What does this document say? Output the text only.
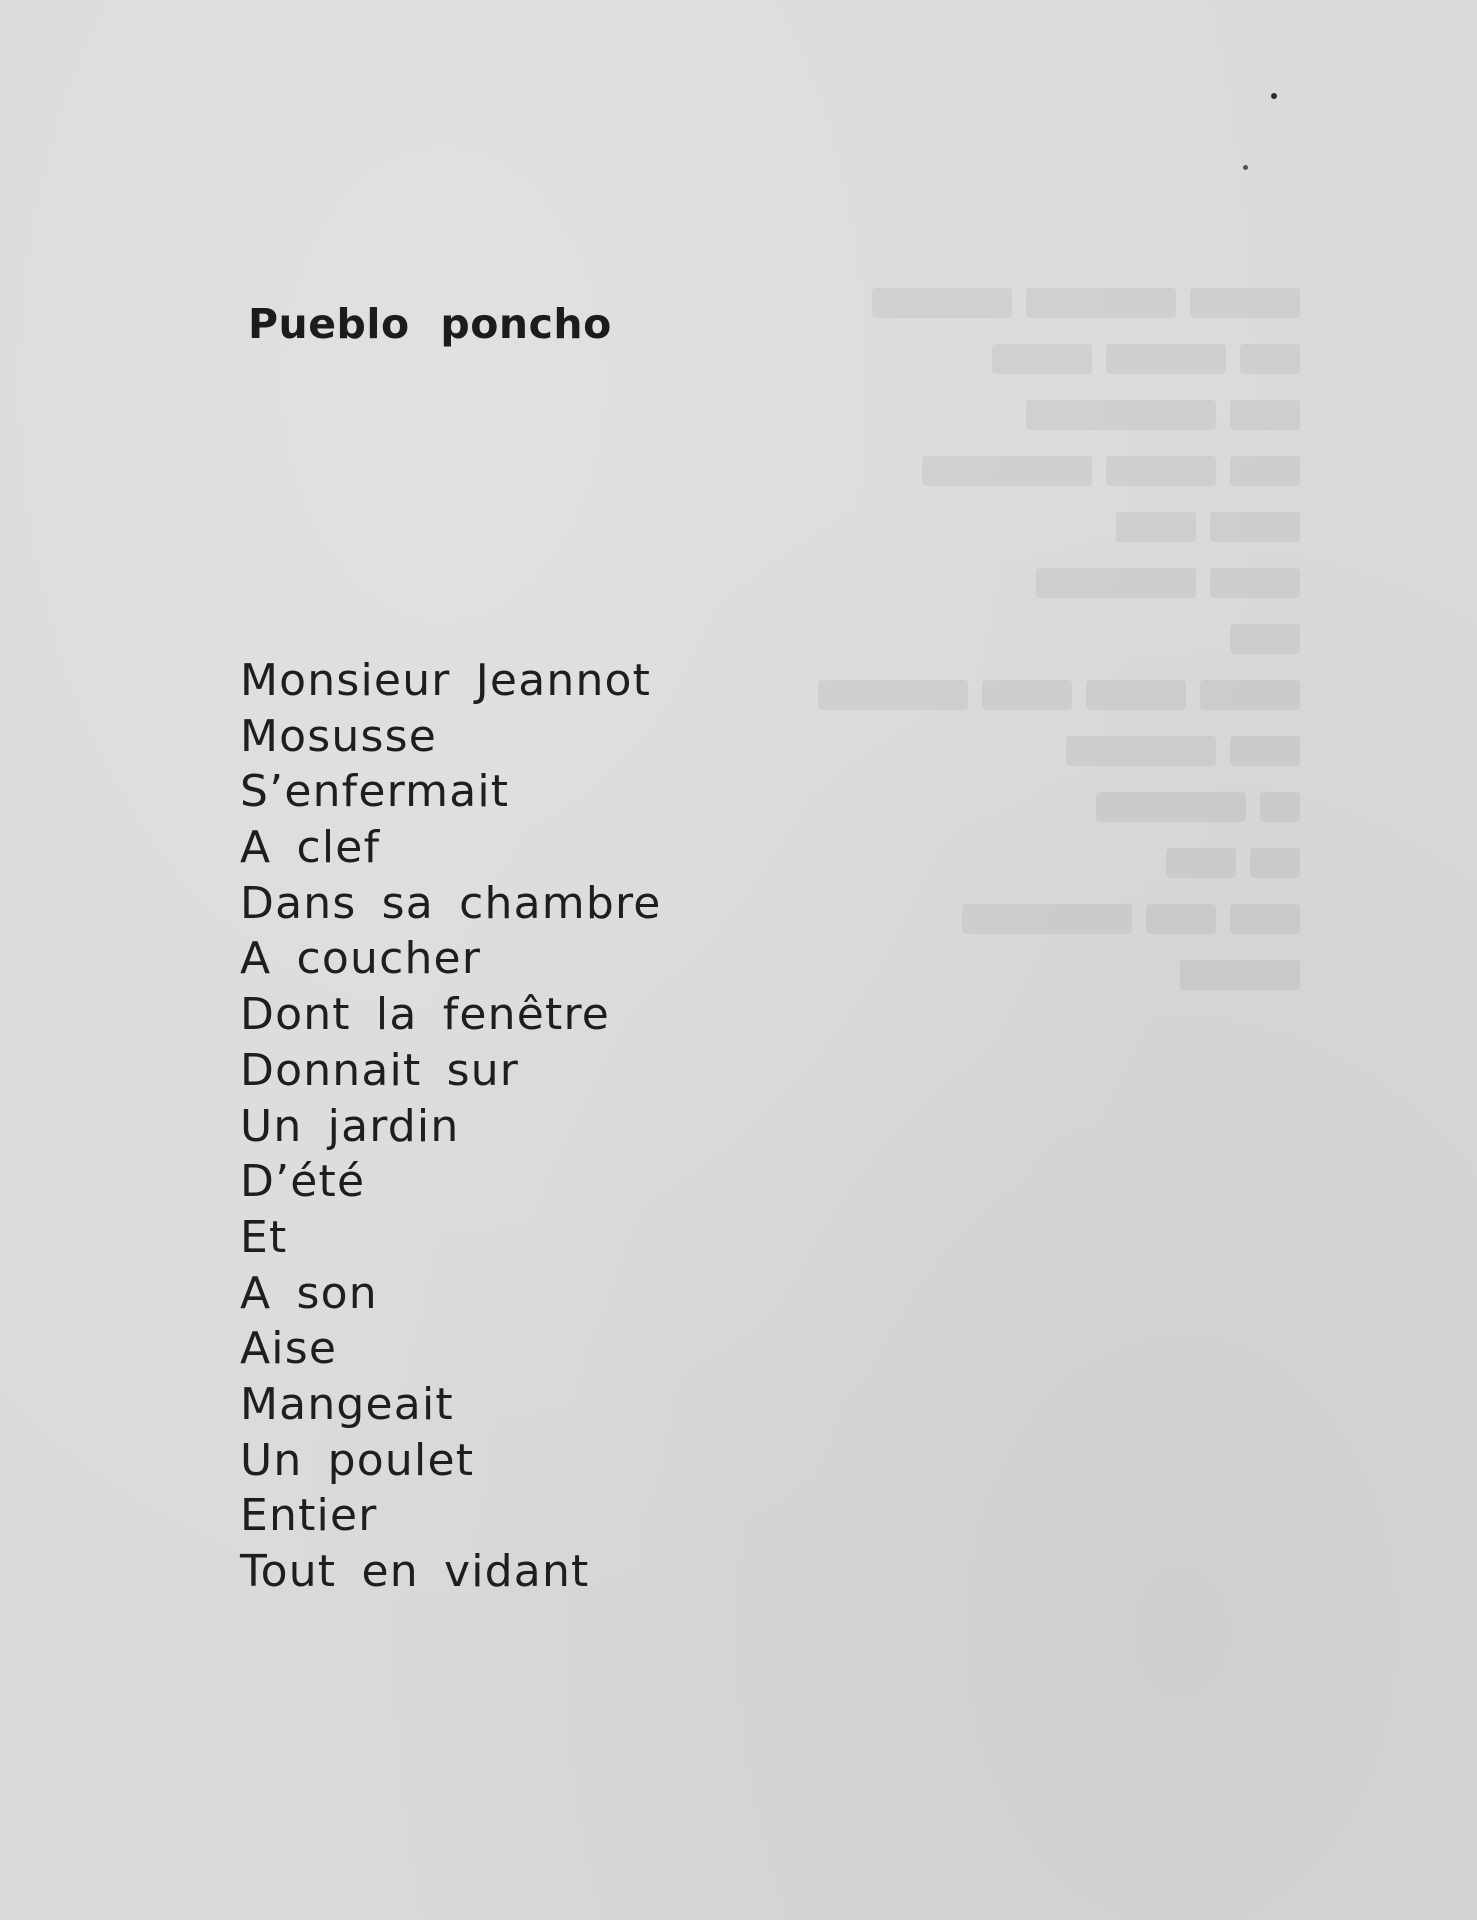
Pueblo poncho
Monsieur Jeannot
Mosusse
S’enfermait
A clef
Dans sa chambre
A coucher
Dont la fenêtre
Donnait sur
Un jardin
D’été
Et
A son
Aise
Mangeait
Un poulet
Entier
Tout en vidant
